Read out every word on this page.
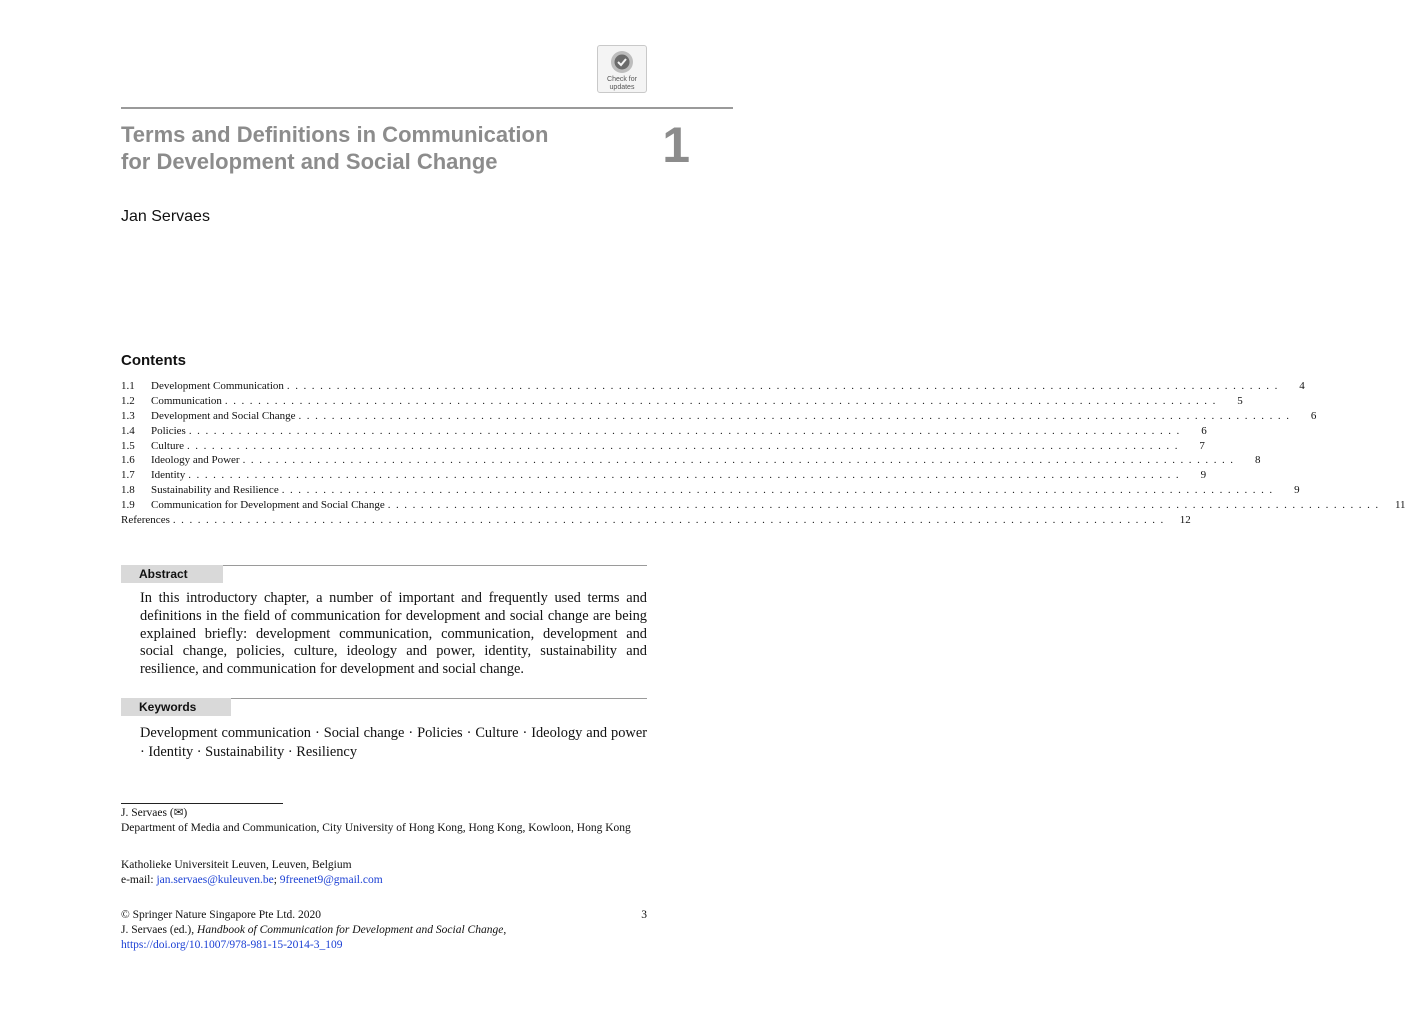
Check for
updates
Terms and Definitions in Communication
for Development and Social Change	1
Jan Servaes
Contents
1.1	Development Communication . . . . . . . . . . . . . . . . . . . . . . . . . . . . . . . . . . . . . . . . . . . . . . . . . . . . . . . . . . . . . . . . . . . . . . . . . . . . . . . . . . . . . . . . . . . . . . . . . . . . . . . . . . . . . . . . . . . . . . . .	4
1.2	Communication . . . . . . . . . . . . . . . . . . . . . . . . . . . . . . . . . . . . . . . . . . . . . . . . . . . . . . . . . . . . . . . . . . . . . . . . . . . . . . . . . . . . . . . . . . . . . . . . . . . . . . . . . . . . . . . . . . . . . . . .	5
1.3	Development and Social Change . . . . . . . . . . . . . . . . . . . . . . . . . . . . . . . . . . . . . . . . . . . . . . . . . . . . . . . . . . . . . . . . . . . . . . . . . . . . . . . . . . . . . . . . . . . . . . . . . . . . . . . . . . . . . . . . . . . . . . . .	6
1.4	Policies . . . . . . . . . . . . . . . . . . . . . . . . . . . . . . . . . . . . . . . . . . . . . . . . . . . . . . . . . . . . . . . . . . . . . . . . . . . . . . . . . . . . . . . . . . . . . . . . . . . . . . . . . . . . . . . . . . . . . . . .	6
1.5	Culture . . . . . . . . . . . . . . . . . . . . . . . . . . . . . . . . . . . . . . . . . . . . . . . . . . . . . . . . . . . . . . . . . . . . . . . . . . . . . . . . . . . . . . . . . . . . . . . . . . . . . . . . . . . . . . . . . . . . . . . .	7
1.6	Ideology and Power . . . . . . . . . . . . . . . . . . . . . . . . . . . . . . . . . . . . . . . . . . . . . . . . . . . . . . . . . . . . . . . . . . . . . . . . . . . . . . . . . . . . . . . . . . . . . . . . . . . . . . . . . . . . . . . . . . . . . . . .	8
1.7	Identity . . . . . . . . . . . . . . . . . . . . . . . . . . . . . . . . . . . . . . . . . . . . . . . . . . . . . . . . . . . . . . . . . . . . . . . . . . . . . . . . . . . . . . . . . . . . . . . . . . . . . . . . . . . . . . . . . . . . . . . .	9
1.8	Sustainability and Resilience . . . . . . . . . . . . . . . . . . . . . . . . . . . . . . . . . . . . . . . . . . . . . . . . . . . . . . . . . . . . . . . . . . . . . . . . . . . . . . . . . . . . . . . . . . . . . . . . . . . . . . . . . . . . . . . . . . . . . . . .	9
1.9	Communication for Development and Social Change . . . . . . . . . . . . . . . . . . . . . . . . . . . . . . . . . . . . . . . . . . . . . . . . . . . . . . . . . . . . . . . . . . . . . . . . . . . . . . . . . . . . . . . . . . . . . . . . . . . . . . . . . . . . . . . . . . . . . . . .	11
References . . . . . . . . . . . . . . . . . . . . . . . . . . . . . . . . . . . . . . . . . . . . . . . . . . . . . . . . . . . . . . . . . . . . . . . . . . . . . . . . . . . . . . . . . . . . . . . . . . . . . . . . . . . . . . . . . . . . . . . .	12
Abstract

In this introductory chapter, a number of important and frequently used terms and definitions in the field of communication for development and social change are being explained briefly: development communication, communication, development and social change, policies, culture, ideology and power, identity, sustainability and resilience, and communication for development and social change.

Keywords

Development communication · Social change · Policies · Culture · Ideology and power · Identity · Sustainability · Resiliency

J. Servaes (✉)

Department of Media and Communication, City University of Hong Kong, Hong Kong, Kowloon, Hong Kong

Katholieke Universiteit Leuven, Leuven, Belgium

e-mail: jan.servaes@kuleuven.be; 9freenet9@gmail.com

© Springer Nature Singapore Pte Ltd. 2020

J. Servaes (ed.), Handbook of Communication for Development and Social Change,

https://doi.org/10.1007/978-981-15-2014-3_109

3
